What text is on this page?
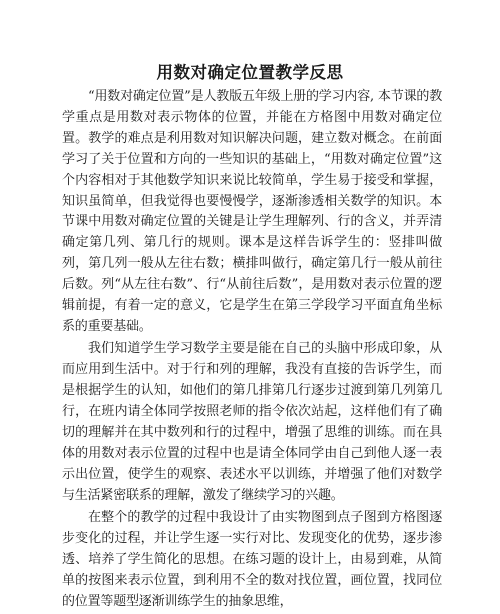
用数对确定位置教学反思

“用数对确定位置”是人教版五年级上册的学习内容, 本节课的教学重点是用数对表示物体的位置，并能在方格图中用数对确定位置。教学的难点是利用数对知识解决问题，建立数对概念。在前面学习了关于位置和方向的一些知识的基础上，“用数对确定位置”这个内容相对于其他数学知识来说比较简单，学生易于接受和掌握，知识虽简单，但我觉得也要慢慢学，逐渐渗透相关数学的知识。本节课中用数对确定位置的关键是让学生理解列、行的含义，并弄清确定第几列、第几行的规则。课本是这样告诉学生的：竖排叫做列，第几列一般从左往右数；横排叫做行，确定第几行一般从前往后数。列“从左往右数”、行“从前往后数”，是用数对表示位置的逻辑前提，有着一定的意义，它是学生在第三学段学习平面直角坐标系的重要基础。

我们知道学生学习数学主要是能在自己的头脑中形成印象，从而应用到生活中。对于行和列的理解，我没有直接的告诉学生，而是根据学生的认知，如他们的第几排第几行逐步过渡到第几列第几行，在班内请全体同学按照老师的指令依次站起，这样他们有了确切的理解并在其中数列和行的过程中，增强了思维的训练。而在具体的用数对表示位置的过程中也是请全体同学由自己到他人逐一表示出位置，使学生的观察、表述水平以训练，并增强了他们对数学与生活紧密联系的理解，激发了继续学习的兴趣。

在整个的教学的过程中我设计了由实物图到点子图到方格图逐步变化的过程，并让学生逐一实行对比、发现变化的优势，逐步渗透、培养了学生简化的思想。在练习题的设计上，由易到难，从简单的按图来表示位置，到利用不全的数对找位置，画位置，找同位的位置等题型逐渐训练学生的抽象思维，
